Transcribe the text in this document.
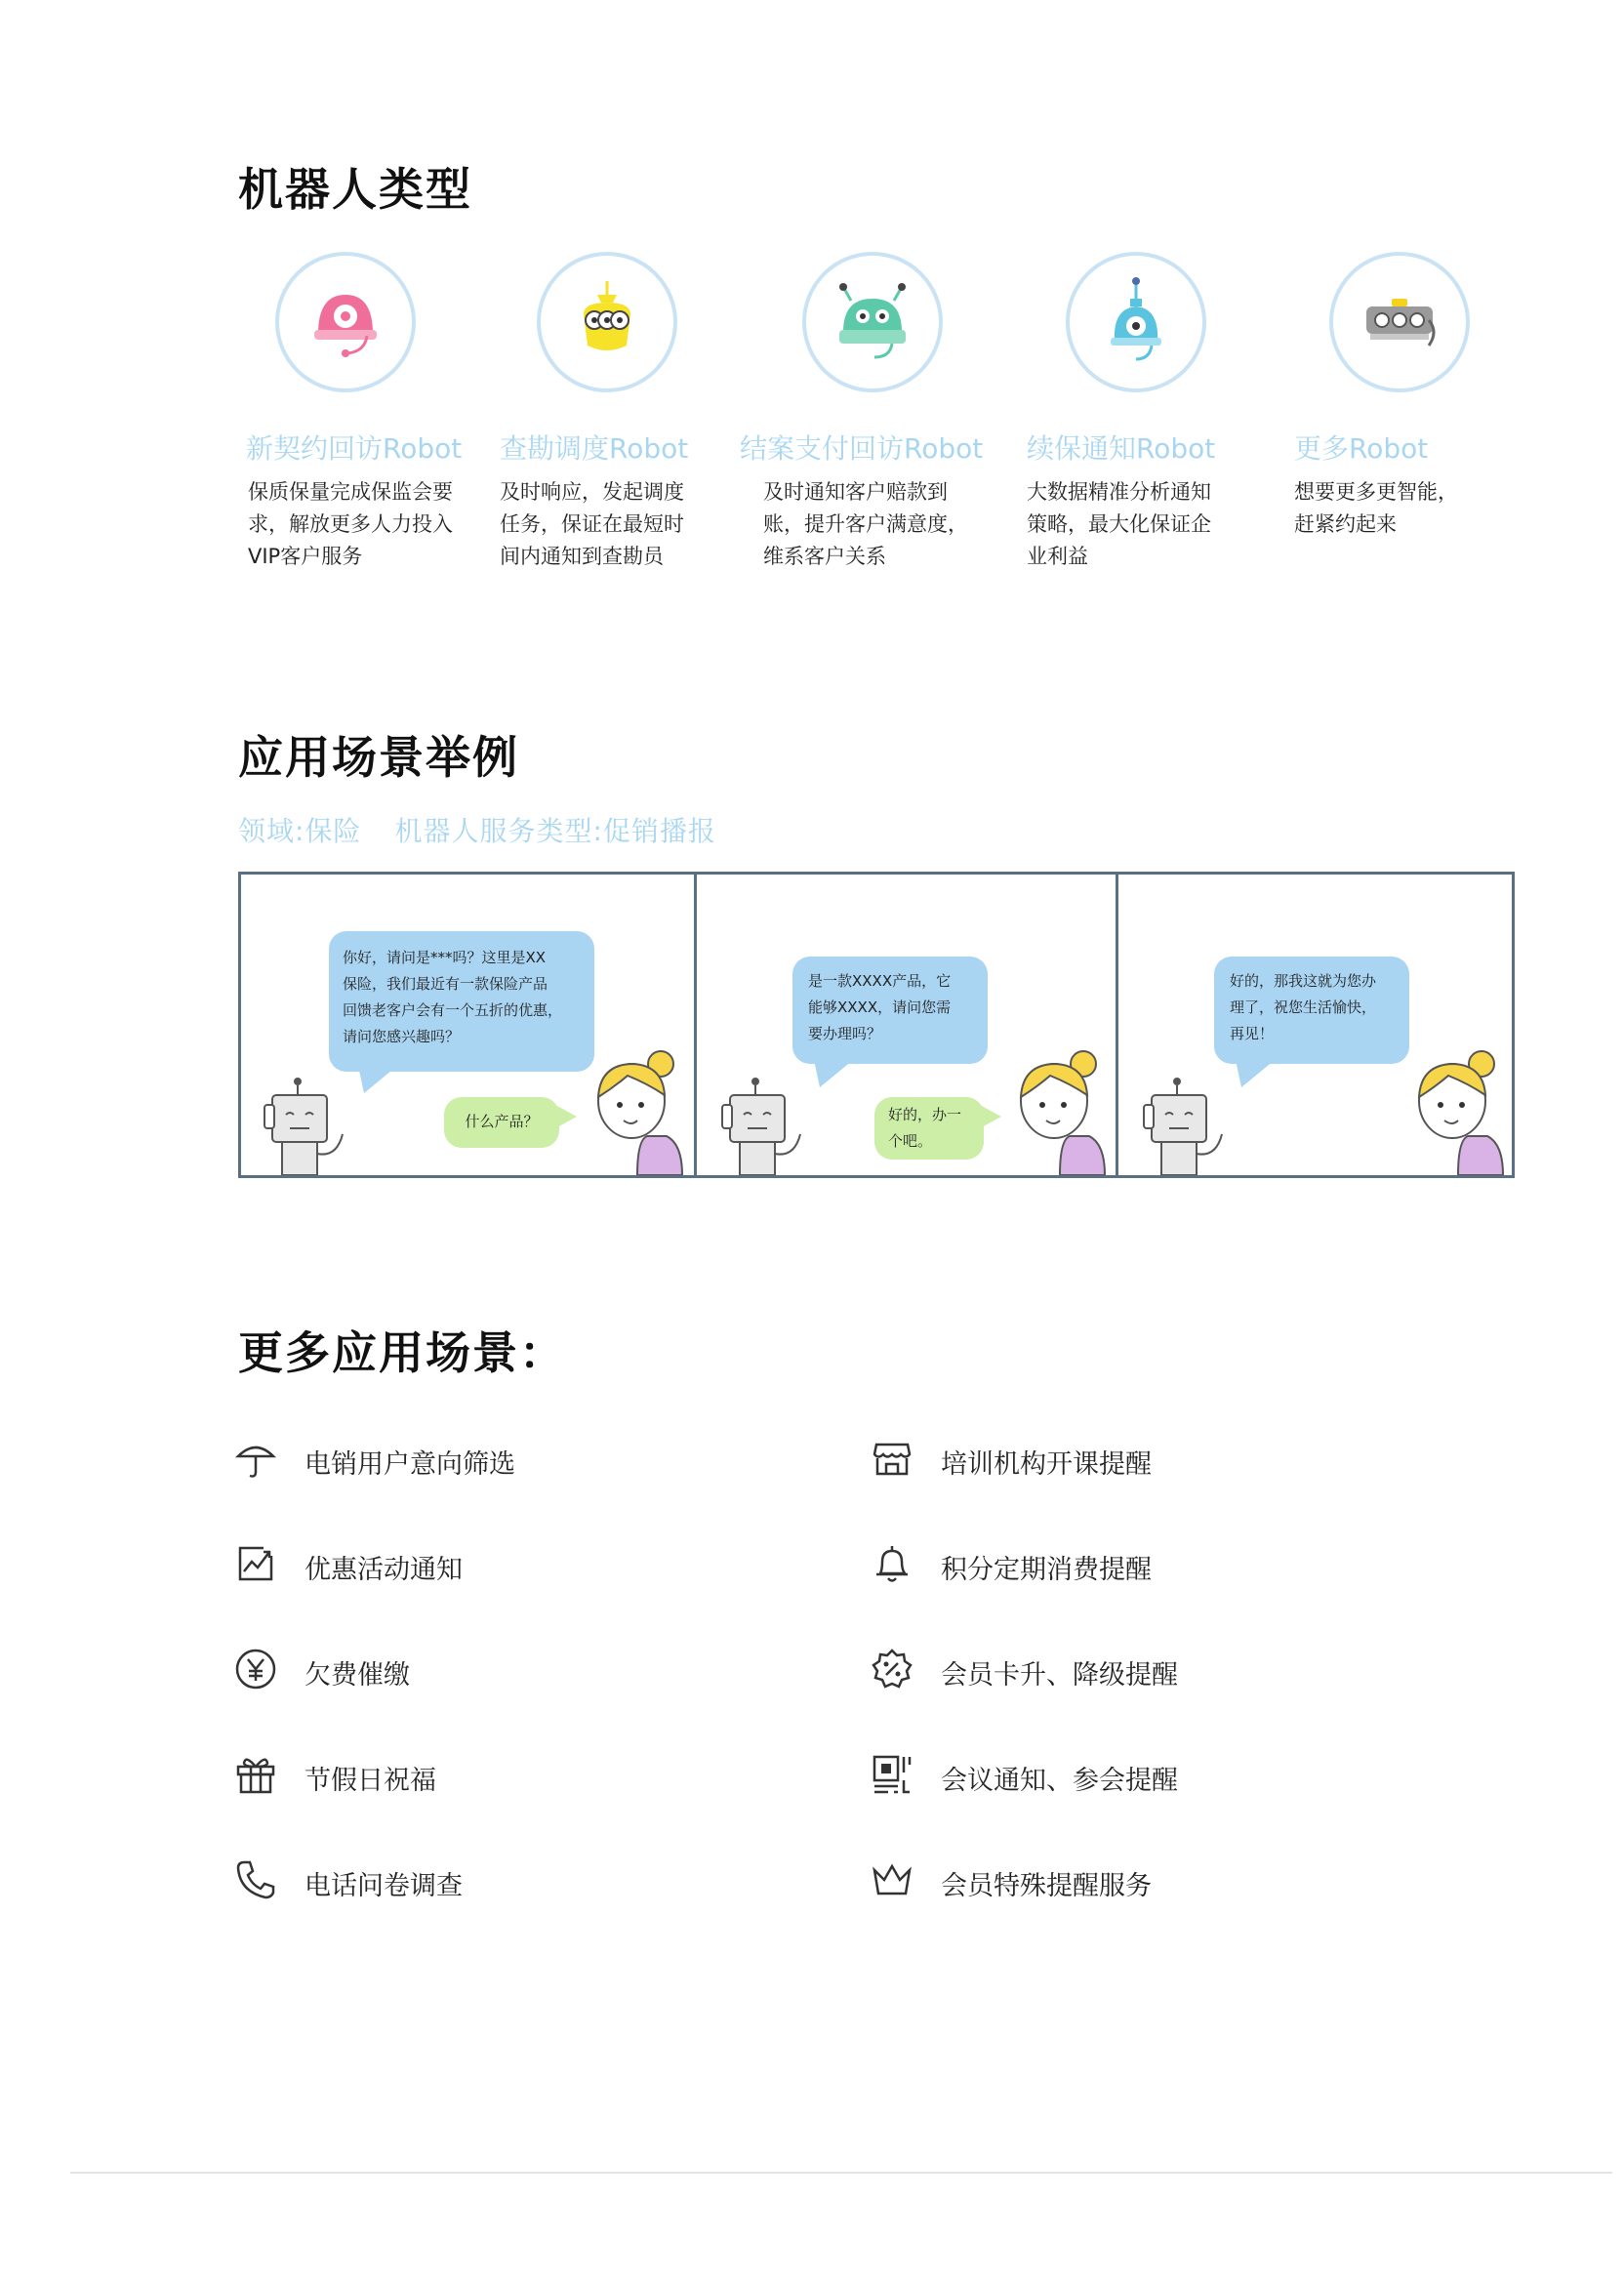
机器人类型
新契约回访Robot
保质保量完成保监会要
求，解放更多人力投入
VIP客户服务
查勘调度Robot
及时响应，发起调度
任务，保证在最短时
间内通知到查勘员
结案支付回访Robot
及时通知客户赔款到
账，提升客户满意度，
维系客户关系
续保通知Robot
大数据精准分析通知
策略，最大化保证企
业利益
更多Robot
想要更多更智能，
赶紧约起来
应用场景举例
领域:保险 机器人服务类型:促销播报
你好，请问是***吗？这里是XX
保险，我们最近有一款保险产品
回馈老客户会有一个五折的优惠，
请问您感兴趣吗？
什么产品？
是一款XXXX产品，它
能够XXXX，请问您需
要办理吗？
好的，办一
个吧。
好的，那我这就为您办
理了，祝您生活愉快，
再见！
更多应用场景：
电销用户意向筛选
优惠活动通知
欠费催缴
节假日祝福
电话问卷调查
培训机构开课提醒
积分定期消费提醒
会员卡升、降级提醒
会议通知、参会提醒
会员特殊提醒服务
